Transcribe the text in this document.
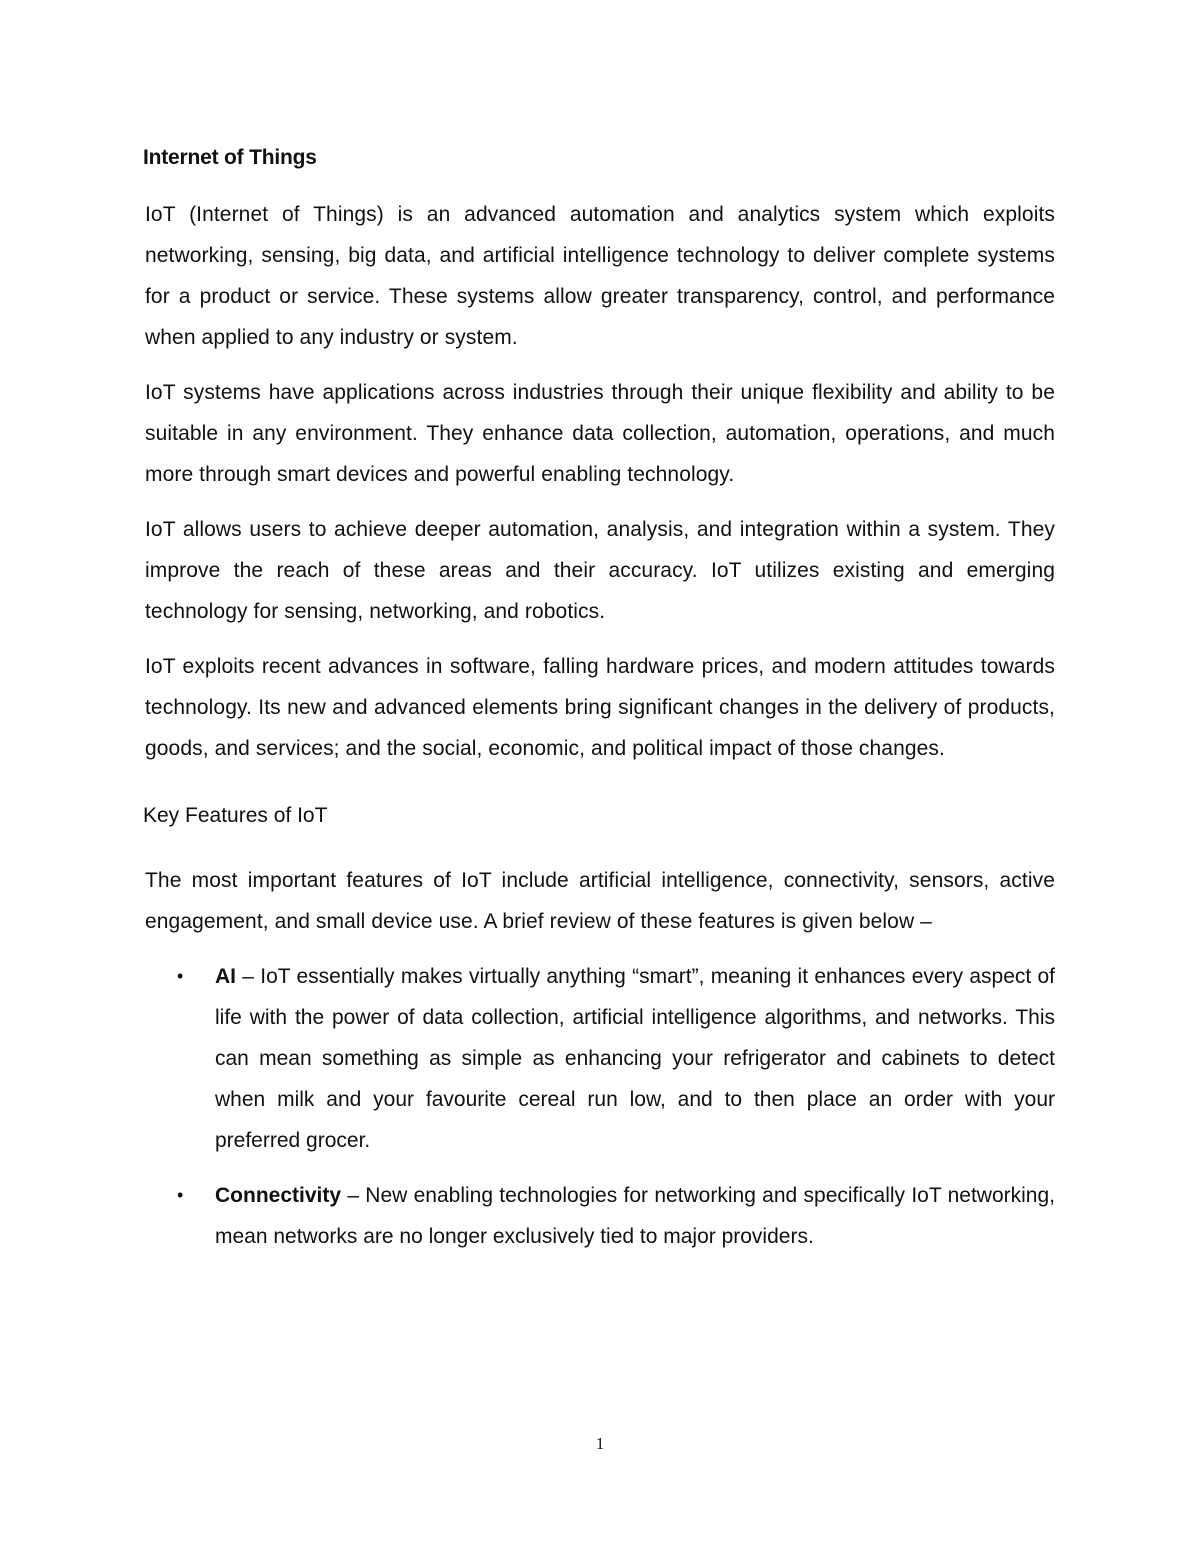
Internet of Things

IoT (Internet of Things) is an advanced automation and analytics system which exploits networking, sensing, big data, and artificial intelligence technology to deliver complete systems for a product or service. These systems allow greater transparency, control, and performance when applied to any industry or system.

IoT systems have applications across industries through their unique flexibility and ability to be suitable in any environment. They enhance data collection, automation, operations, and much more through smart devices and powerful enabling technology.

IoT allows users to achieve deeper automation, analysis, and integration within a system. They improve the reach of these areas and their accuracy. IoT utilizes existing and emerging technology for sensing, networking, and robotics.

IoT exploits recent advances in software, falling hardware prices, and modern attitudes towards technology. Its new and advanced elements bring significant changes in the delivery of products, goods, and services; and the social, economic, and political impact of those changes.

Key Features of IoT

The most important features of IoT include artificial intelligence, connectivity, sensors, active engagement, and small device use. A brief review of these features is given below –

• AI – IoT essentially makes virtually anything “smart”, meaning it enhances every aspect of life with the power of data collection, artificial intelligence algorithms, and networks. This can mean something as simple as enhancing your refrigerator and cabinets to detect when milk and your favourite cereal run low, and to then place an order with your preferred grocer.
• Connectivity – New enabling technologies for networking and specifically IoT networking, mean networks are no longer exclusively tied to major providers.
1
